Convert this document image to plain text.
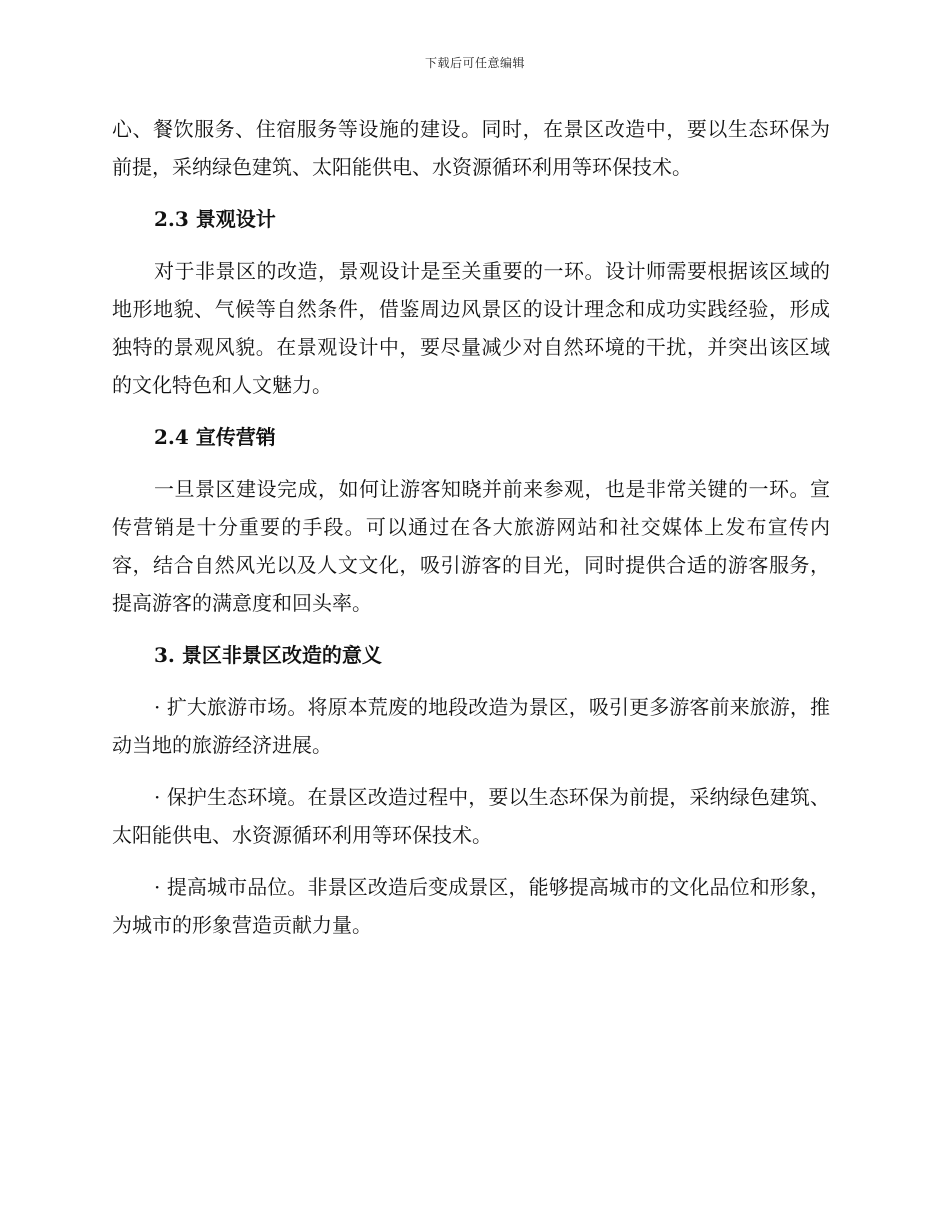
下载后可任意编辑

心、餐饮服务、住宿服务等设施的建设。同时，在景区改造中，要以生态环保为前提，采纳绿色建筑、太阳能供电、水资源循环利用等环保技术。

2.3 景观设计

对于非景区的改造，景观设计是至关重要的一环。设计师需要根据该区域的地形地貌、气候等自然条件，借鉴周边风景区的设计理念和成功实践经验，形成独特的景观风貌。在景观设计中，要尽量减少对自然环境的干扰，并突出该区域的文化特色和人文魅力。

2.4 宣传营销

一旦景区建设完成，如何让游客知晓并前来参观，也是非常关键的一环。宣传营销是十分重要的手段。可以通过在各大旅游网站和社交媒体上发布宣传内容，结合自然风光以及人文文化，吸引游客的目光，同时提供合适的游客服务，提高游客的满意度和回头率。

3. 景区非景区改造的意义

· 扩大旅游市场。将原本荒废的地段改造为景区，吸引更多游客前来旅游，推动当地的旅游经济进展。

· 保护生态环境。在景区改造过程中，要以生态环保为前提，采纳绿色建筑、太阳能供电、水资源循环利用等环保技术。

· 提高城市品位。非景区改造后变成景区，能够提高城市的文化品位和形象，为城市的形象营造贡献力量。
